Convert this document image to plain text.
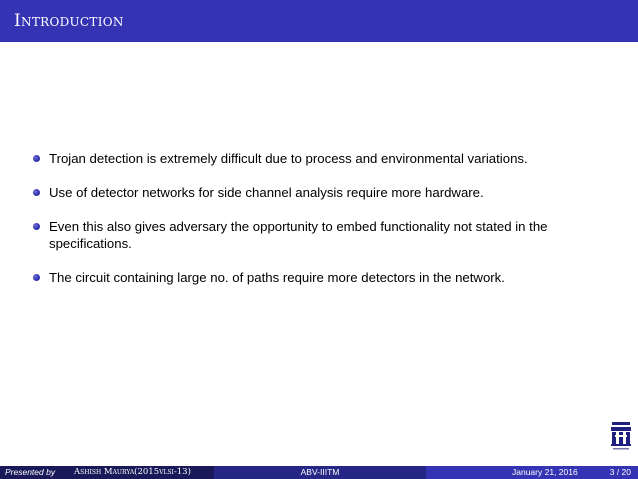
Introduction
Trojan detection is extremely difficult due to process and environmental variations.
Use of detector networks for side channel analysis require more hardware.
Even this also gives adversary the opportunity to embed functionality not stated in the specifications.
The circuit containing large no. of paths require more detectors in the network.
Presented by Ashish Maurya(2015vlsi-13)	ABV-IIITM	January 21, 2016	3 / 20
